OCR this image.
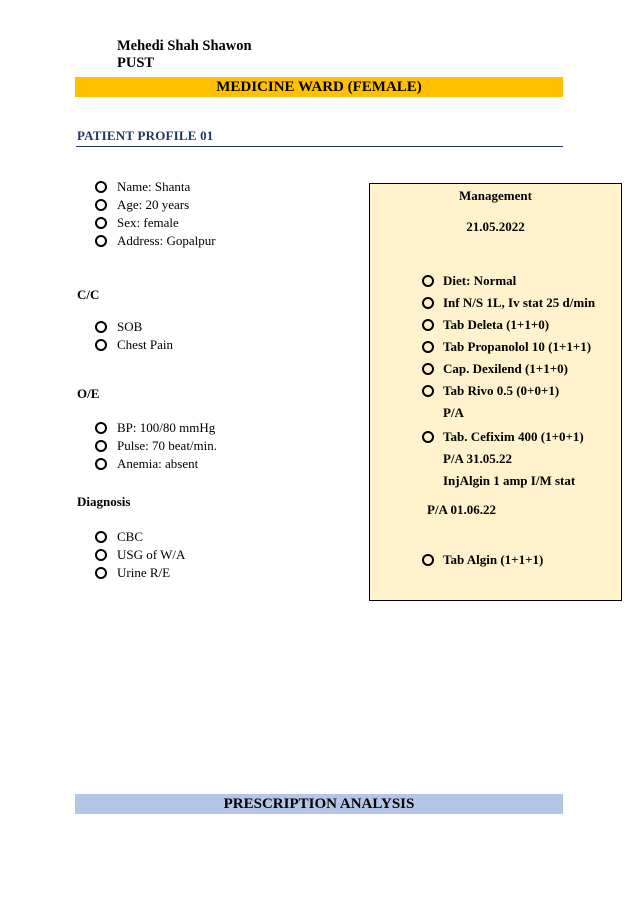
Mehedi Shah Shawon
PUST
MEDICINE WARD (FEMALE)
PATIENT PROFILE 01
Name: Shanta
Age: 20 years
Sex: female
Address: Gopalpur
C/C
SOB
Chest Pain
O/E
BP: 100/80 mmHg
Pulse: 70 beat/min.
Anemia: absent
Diagnosis
CBC
USG of W/A
Urine R/E
Management
21.05.2022
Diet: Normal
Inf N/S 1L, Iv stat 25 d/min
Tab Deleta (1+1+0)
Tab Propanolol 10 (1+1+1)
Cap. Dexilend (1+1+0)
Tab Rivo 0.5 (0+0+1)
P/A
Tab. Cefixim 400 (1+0+1)
P/A 31.05.22
InjAlgin 1 amp I/M stat
P/A 01.06.22
Tab Algin (1+1+1)
PRESCRIPTION ANALYSIS
